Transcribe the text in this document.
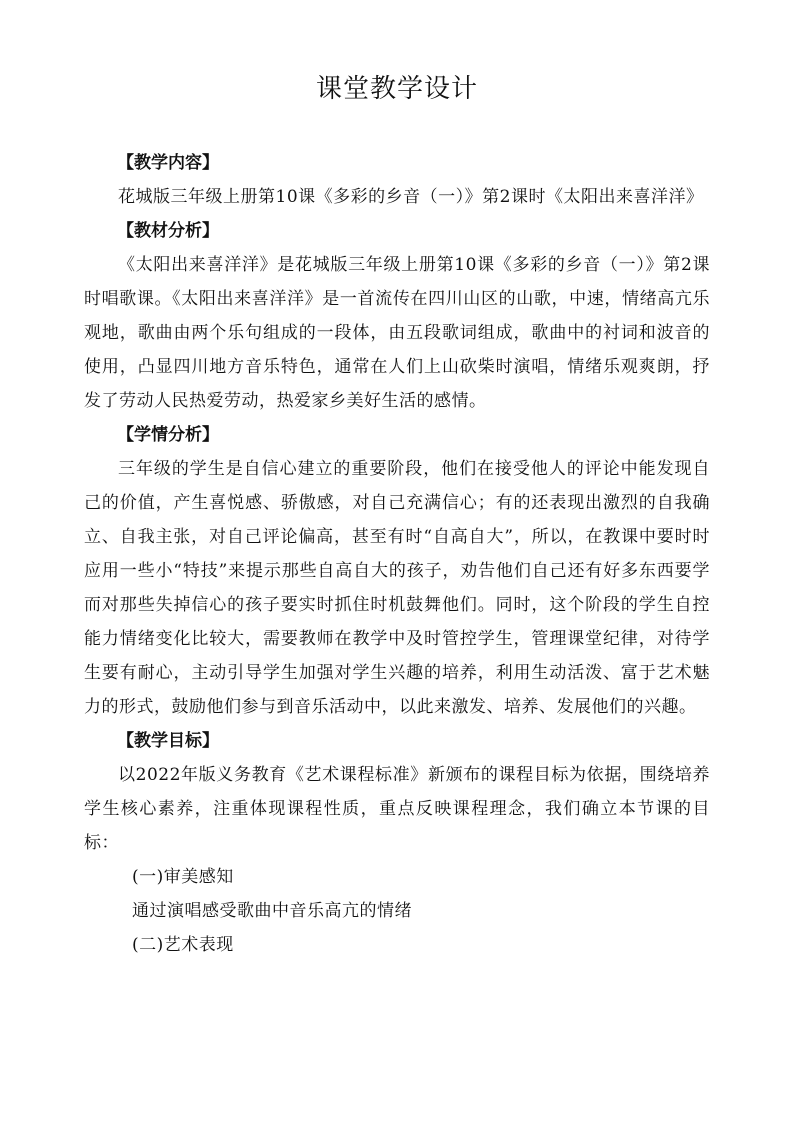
课堂教学设计

【教学内容】

花城版三年级上册第10课《多彩的乡音（一）》第2课时《太阳出来喜洋洋》

【教材分析】

《太阳出来喜洋洋》是花城版三年级上册第10课《多彩的乡音（一）》第2课时唱歌课。《太阳出来喜洋洋》是一首流传在四川山区的山歌，中速，情绪高亢乐观地，歌曲由两个乐句组成的一段体，由五段歌词组成，歌曲中的衬词和波音的使用，凸显四川地方音乐特色，通常在人们上山砍柴时演唱，情绪乐观爽朗，抒发了劳动人民热爱劳动，热爱家乡美好生活的感情。

【学情分析】

三年级的学生是自信心建立的重要阶段，他们在接受他人的评论中能发现自己的价值，产生喜悦感、骄傲感，对自己充满信心；有的还表现出激烈的自我确立、自我主张，对自己评论偏高，甚至有时“自高自大”，所以，在教课中要时时应用一些小“特技”来提示那些自高自大的孩子，劝告他们自己还有好多东西要学而对那些失掉信心的孩子要实时抓住时机鼓舞他们。同时，这个阶段的学生自控能力情绪变化比较大，需要教师在教学中及时管控学生，管理课堂纪律，对待学生要有耐心，主动引导学生加强对学生兴趣的培养，利用生动活泼、富于艺术魅力的形式，鼓励他们参与到音乐活动中，以此来激发、培养、发展他们的兴趣。

【教学目标】

以2022年版义务教育《艺术课程标准》新颁布的课程目标为依据，围绕培养学生核心素养，注重体现课程性质，重点反映课程理念，我们确立本节课的目标：

(一)审美感知

通过演唱感受歌曲中音乐高亢的情绪

(二)艺术表现
